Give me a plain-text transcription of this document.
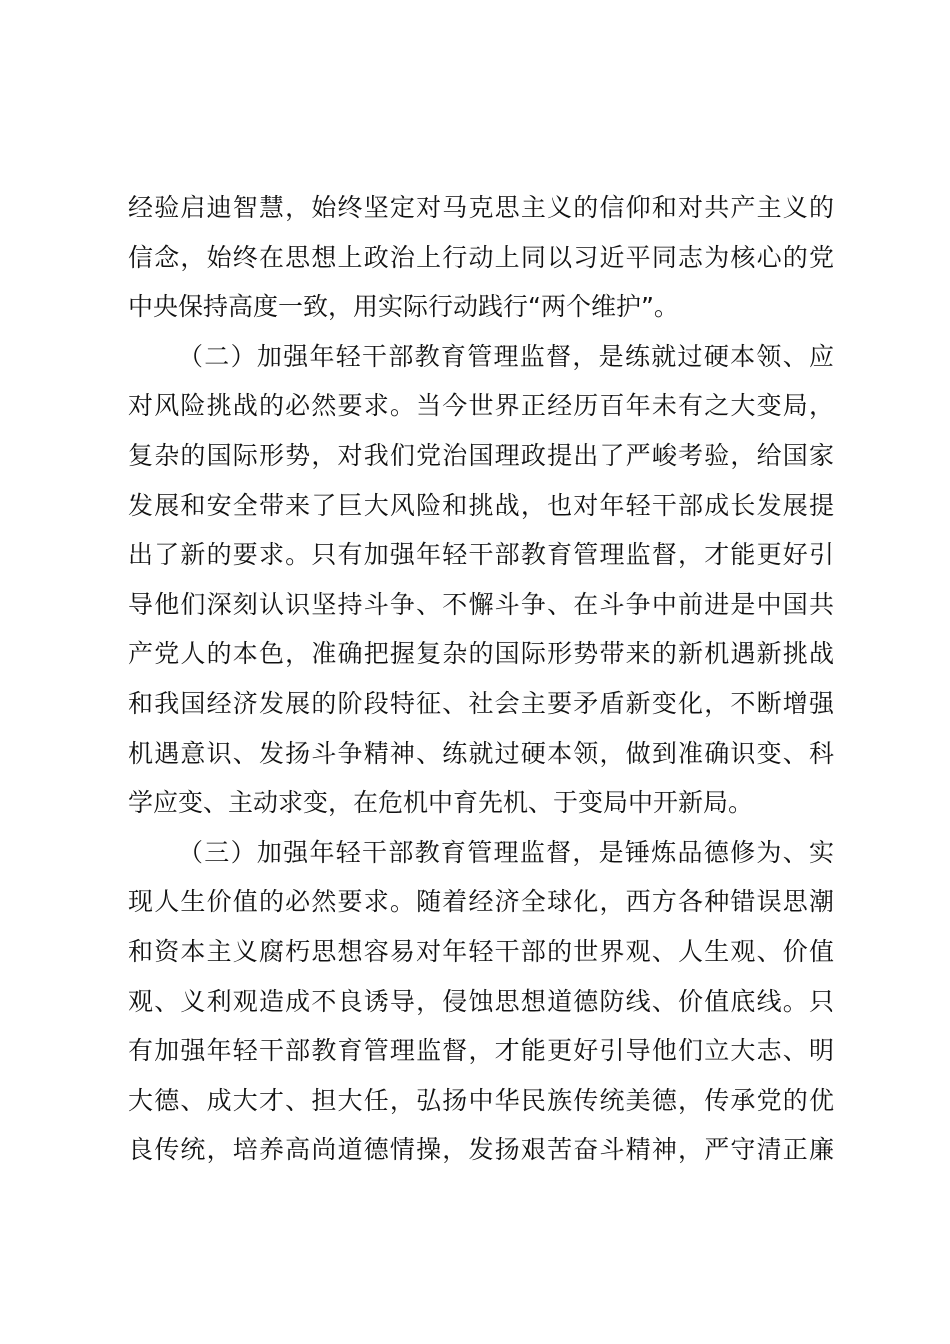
经验启迪智慧，始终坚定对马克思主义的信仰和对共产主义的
信念，始终在思想上政治上行动上同以习近平同志为核心的党
中央保持高度一致，用实际行动践行“两个维护”。
（二）加强年轻干部教育管理监督，是练就过硬本领、应
对风险挑战的必然要求。当今世界正经历百年未有之大变局，
复杂的国际形势，对我们党治国理政提出了严峻考验，给国家
发展和安全带来了巨大风险和挑战，也对年轻干部成长发展提
出了新的要求。只有加强年轻干部教育管理监督，才能更好引
导他们深刻认识坚持斗争、不懈斗争、在斗争中前进是中国共
产党人的本色，准确把握复杂的国际形势带来的新机遇新挑战
和我国经济发展的阶段特征、社会主要矛盾新变化，不断增强
机遇意识、发扬斗争精神、练就过硬本领，做到准确识变、科
学应变、主动求变，在危机中育先机、于变局中开新局。
（三）加强年轻干部教育管理监督，是锤炼品德修为、实
现人生价值的必然要求。随着经济全球化，西方各种错误思潮
和资本主义腐朽思想容易对年轻干部的世界观、人生观、价值
观、义利观造成不良诱导，侵蚀思想道德防线、价值底线。只
有加强年轻干部教育管理监督，才能更好引导他们立大志、明
大德、成大才、担大任，弘扬中华民族传统美德，传承党的优
良传统，培养高尚道德情操，发扬艰苦奋斗精神，严守清正廉
